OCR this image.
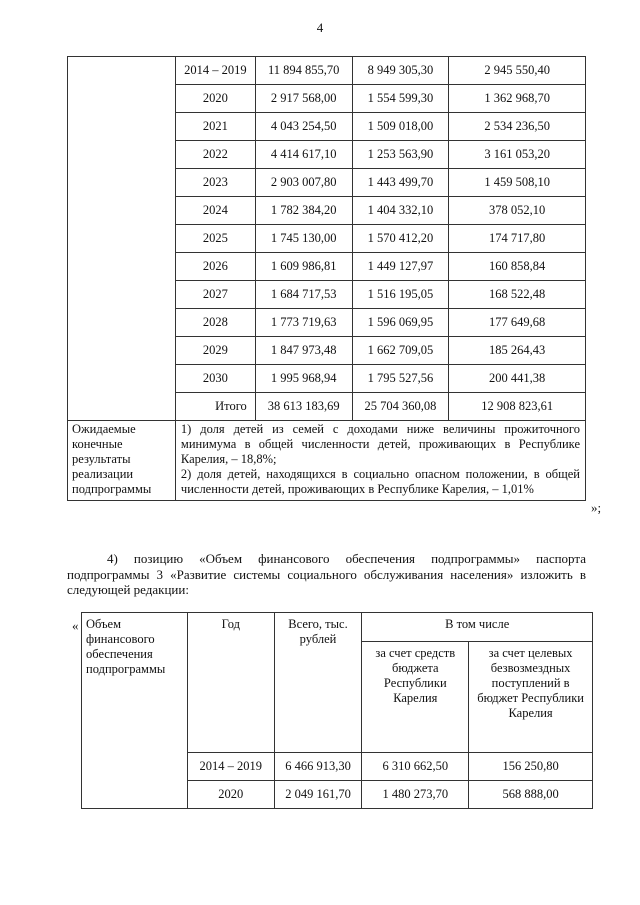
4
	2014 – 2019	11 894 855,70	8 949 305,30	2 945 550,40
	2020	2 917 568,00	1 554 599,30	1 362 968,70
	2021	4 043 254,50	1 509 018,00	2 534 236,50
	2022	4 414 617,10	1 253 563,90	3 161 053,20
	2023	2 903 007,80	1 443 499,70	1 459 508,10
	2024	1 782 384,20	1 404 332,10	378 052,10
	2025	1 745 130,00	1 570 412,20	174 717,80
	2026	1 609 986,81	1 449 127,97	160 858,84
	2027	1 684 717,53	1 516 195,05	168 522,48
	2028	1 773 719,63	1 596 069,95	177 649,68
	2029	1 847 973,48	1 662 709,05	185 264,43
	2030	1 995 968,94	1 795 527,56	200 441,38
	Итого	38 613 183,69	25 704 360,08	12 908 823,61
Ожидаемые конечные результаты реализации подпрограммы	1) доля детей из семей с доходами ниже величины прожиточного минимума в общей численности детей, проживающих в Республике Карелия, – 18,8%;
2) доля детей, находящихся в социально опасном положении, в общей численности детей, проживающих в Республике Карелия, – 1,01%			
»;
4) позицию «Объем финансового обеспечения подпрограммы» паспорта подпрограммы 3 «Развитие системы социального обслуживания населения» изложить в следующей редакции:
« Объем финансового обеспечения подпрограммы	Год	Всего, тыс. рублей	В том числе	
			за счет средств бюджета Республики Карелия	за счет целевых безвозмездных поступлений в бюджет Республики Карелия
	2014 – 2019	6 466 913,30	6 310 662,50	156 250,80
	2020	2 049 161,70	1 480 273,70	568 888,00
